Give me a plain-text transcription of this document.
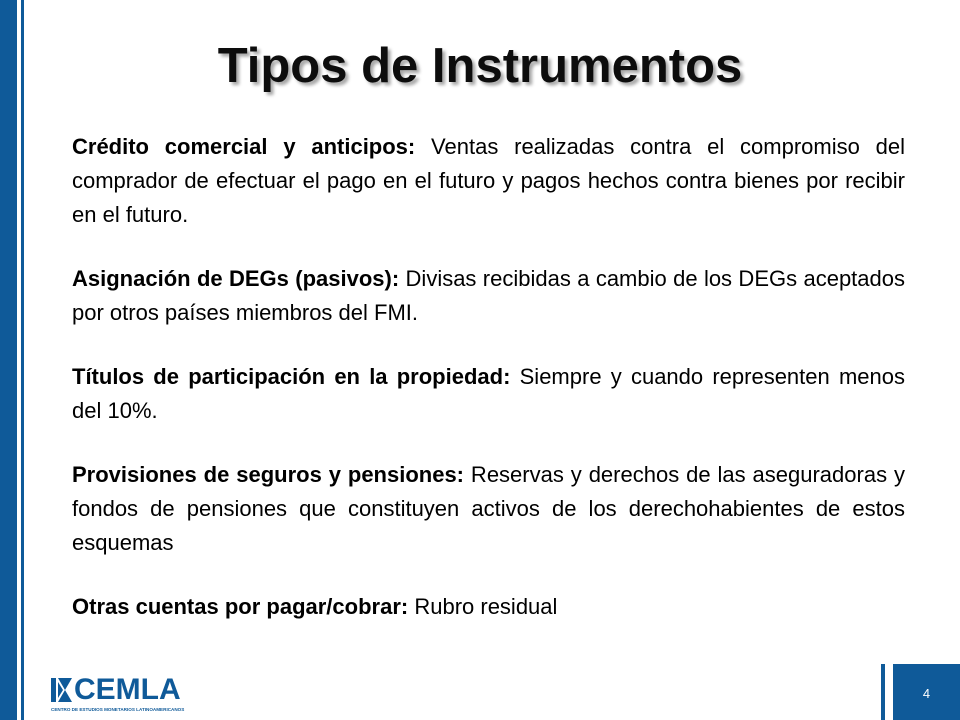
Tipos de Instrumentos

Crédito comercial y anticipos: Ventas realizadas contra el compromiso del comprador de efectuar el pago en el futuro y pagos hechos contra bienes por recibir en el futuro.

Asignación de DEGs (pasivos): Divisas recibidas a cambio de los DEGs aceptados por otros países miembros del FMI.

Títulos de participación en la propiedad: Siempre y cuando representen menos del 10%.

Provisiones de seguros y pensiones: Reservas y derechos de las aseguradoras y fondos de pensiones que constituyen activos de los derechohabientes de estos esquemas

Otras cuentas por pagar/cobrar: Rubro residual

CEMLA
CENTRO DE ESTUDIOS MONETARIOS LATINOAMERICANOS
4
